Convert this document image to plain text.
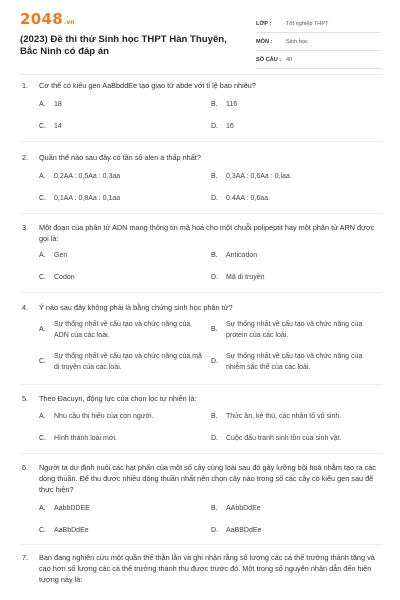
2048 .vn
(2023) Đề thi thử Sinh học THPT Hàn Thuyên, Bắc Ninh có đáp án
LỚP :	Tốt nghiệp THPT
MÔN :	Sinh học
SỐ CÂU : 40
1.	Cơ thể có kiểu gen AaBbddEe tạo giao tử abde với tỉ lệ bao nhiêu?
A.	18	B.	116
C.	14	D.	16
2.	Quần thể nào sau đây có tần số alen a thấp nhất?
A.	0,2AA : 0,5Aa : 0,3aa	B.	0,3AA : 0,6Aa : 0,laa.
C.	0,1AA : 0,8Aa : 0,1aa	D.	0.4AA : 0,6aa.
3.	Một đoạn của phân tử ADN mang thông tin mã hoá cho một chuỗi polipeptit hay một phân tử ARN được gọi là:
A.	Gen	B.	Anticodon
C.	Codon	D.	Mã di truyền
4.	Ý nào sau đây không phải là bằng chứng sinh học phân tử?
A.
Sự thống nhất về cấu tạo và chức năng của ADN của các loài.
B.
Sự thống nhất về cấu tạo và chức năng của protein của các loài.
C.
Sự thống nhất về cấu tạo và chức năng của mã di truyền của các loài.
D.
Sự thống nhất về cấu tạo và chức năng của nhiễm sắc thể của các loài.
5.	Theo Đacuyn, động lực của chọn lọc tự nhiên là:
A.	Nhu cầu thị hiếu của con người.	B.	Thức ăn, kẻ thù, các nhân tố vô sinh.
C.	Hình thành loài mới.	D.	Cuộc đấu tranh sinh tồn của sinh vật.
6.	Người ta dự định nuôi các hạt phấn của một số cây cùng loài sau đó gây lưỡng bội hoá nhằm tạo ra các dòng thuần. Để thu được nhiều dòng thuần nhất nên chọn cây nào trong số các cây có kiểu gen sau để thực hiện?
A.	AabbDDEE	B.	AAbbDdEe
C.	AaBbDdEe	D.	AaBBDdEe
7.	Bạn đang nghiên cứu một quần thể thằn lằn và ghi nhận rằng số lượng các cá thể trưởng thành tăng và cao hơn số lượng các cá thể trưởng thành thu được trước đó. Một trong số nguyên nhân dẫn đến hiện tượng này là:
